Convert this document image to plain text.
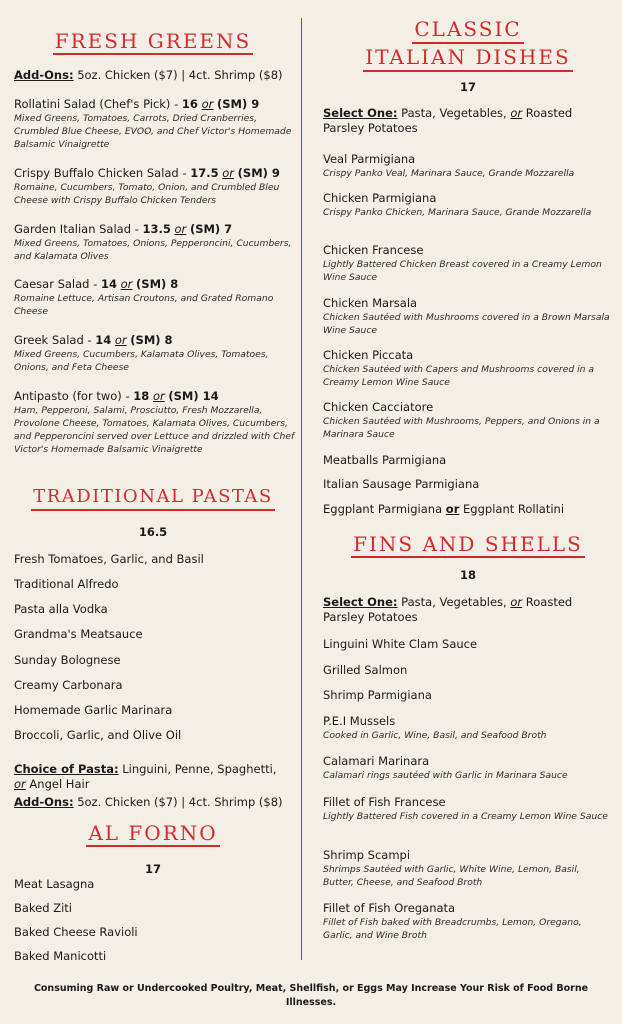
FRESH GREENS
Add-Ons: 5oz. Chicken ($7) | 4ct. Shrimp ($8)
Rollatini Salad (Chef's Pick) - 16 or (SM) 9
Mixed Greens, Tomatoes, Carrots, Dried Cranberries, Crumbled Blue Cheese, EVOO, and Chef Victor's Homemade Balsamic Vinaigrette
Crispy Buffalo Chicken Salad - 17.5 or (SM) 9
Romaine, Cucumbers, Tomato, Onion, and Crumbled Bleu Cheese with Crispy Buffalo Chicken Tenders
Garden Italian Salad - 13.5 or (SM) 7
Mixed Greens, Tomatoes, Onions, Pepperoncini, Cucumbers, and Kalamata Olives
Caesar Salad - 14 or (SM) 8
Romaine Lettuce, Artisan Croutons, and Grated Romano Cheese
Greek Salad - 14 or (SM) 8
Mixed Greens, Cucumbers, Kalamata Olives, Tomatoes, Onions, and Feta Cheese
Antipasto (for two) - 18 or (SM) 14
Ham, Pepperoni, Salami, Prosciutto, Fresh Mozzarella, Provolone Cheese, Tomatoes, Kalamata Olives, Cucumbers, and Pepperoncini served over Lettuce and drizzled with Chef Victor's Homemade Balsamic Vinaigrette
TRADITIONAL PASTAS
16.5
Fresh Tomatoes, Garlic, and Basil
Traditional Alfredo
Pasta alla Vodka
Grandma's Meatsauce
Sunday Bolognese
Creamy Carbonara
Homemade Garlic Marinara
Broccoli, Garlic, and Olive Oil
Choice of Pasta: Linguini, Penne, Spaghetti,
or Angel Hair
Add-Ons: 5oz. Chicken ($7) | 4ct. Shrimp ($8)
AL FORNO
17
Meat Lasagna
Baked Ziti
Baked Cheese Ravioli
Baked Manicotti
CLASSIC
ITALIAN DISHES
17
Select One: Pasta, Vegetables, or Roasted Parsley Potatoes
Veal Parmigiana
Crispy Panko Veal, Marinara Sauce, Grande Mozzarella
Chicken Parmigiana
Crispy Panko Chicken, Marinara Sauce, Grande Mozzarella
Chicken Francese
Lightly Battered Chicken Breast covered in a Creamy Lemon Wine Sauce
Chicken Marsala
Chicken Sautéed with Mushrooms covered in a Brown Marsala Wine Sauce
Chicken Piccata
Chicken Sautéed with Capers and Mushrooms covered in a Creamy Lemon Wine Sauce
Chicken Cacciatore
Chicken Sautéed with Mushrooms, Peppers, and Onions in a Marinara Sauce
Meatballs Parmigiana
Italian Sausage Parmigiana
Eggplant Parmigiana or Eggplant Rollatini
FINS AND SHELLS
18
Select One: Pasta, Vegetables, or Roasted Parsley Potatoes
Linguini White Clam Sauce
Grilled Salmon
Shrimp Parmigiana
P.E.I Mussels
Cooked in Garlic, Wine, Basil, and Seafood Broth
Calamari Marinara
Calamari rings sautéed with Garlic in Marinara Sauce
Fillet of Fish Francese
Lightly Battered Fish covered in a Creamy Lemon Wine Sauce
Shrimp Scampi
Shrimps Sautéed with Garlic, White Wine, Lemon, Basil, Butter, Cheese, and Seafood Broth
Fillet of Fish Oreganata
Fillet of Fish baked with Breadcrumbs, Lemon, Oregano, Garlic, and Wine Broth
Consuming Raw or Undercooked Poultry, Meat, Shellfish, or Eggs May Increase Your Risk of Food Borne Illnesses.
